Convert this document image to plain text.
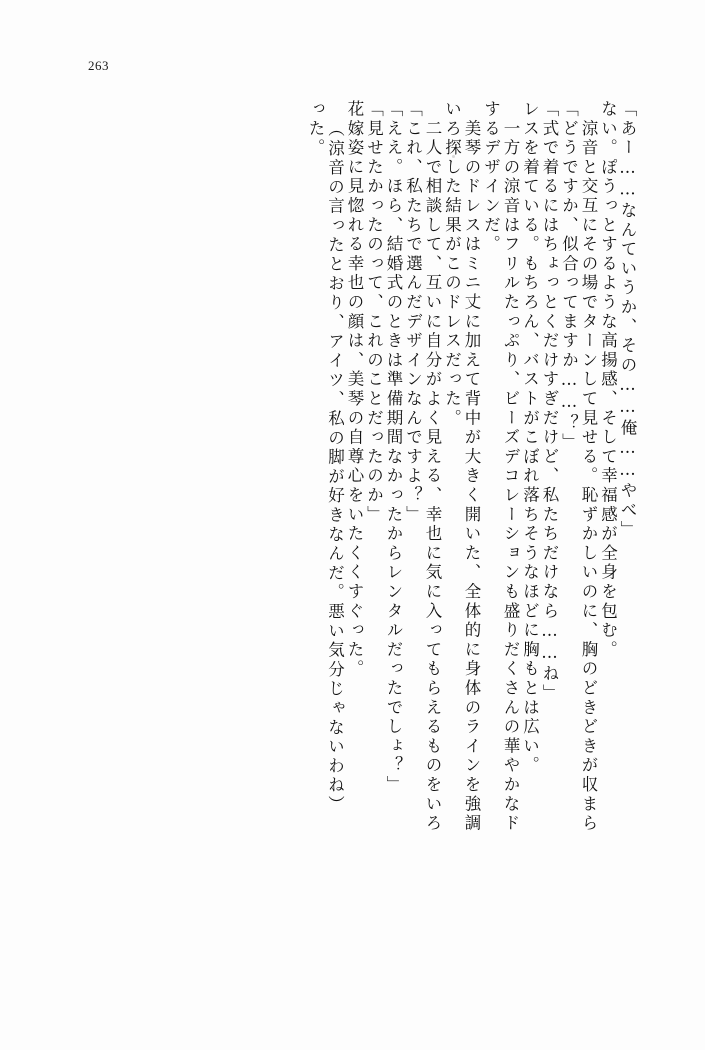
263
った。 （涼音の言ったとおり、アイツ、私の脚が好きなんだ。悪い気分じゃないわね） 花嫁姿に見惚れる幸也の顔は、美琴の自尊心をいたくくすぐった。 「見せたかったのって、これのことだったのか」 「ええ。ほら、結婚式のときは準備期間なかったからレンタルだったでしょ？」 「これ、私たちで選んだデザインなんですよ？」 　二人で相談して、互いに自分がよく見える、幸也に気に入ってもらえるものをいろ いろ探した結果がこのドレスだった。 　美琴のドレスはミニ丈に加えて背中が大きく開いた、全体的に身体のラインを強調 するデザインだ。 　一方の涼音はフリルたっぷり、ビーズデコレーションも盛りだくさんの華やかなド レスを着ている。もちろん、バストがこぼれ落ちそうなほどに胸もとは広い。 「式で着るにはちょっとくだけすぎだけど、私たちだけなら……ね」 「どうですか、似合ってますか……？」 　涼音と交互にその場でターンして見せる。恥ずかしいのに、胸のどきどきが収まら ない。ぽうっとするような高揚感、そして幸福感が全身を包む。 「あー……なんていうか、その……俺……やべ」
